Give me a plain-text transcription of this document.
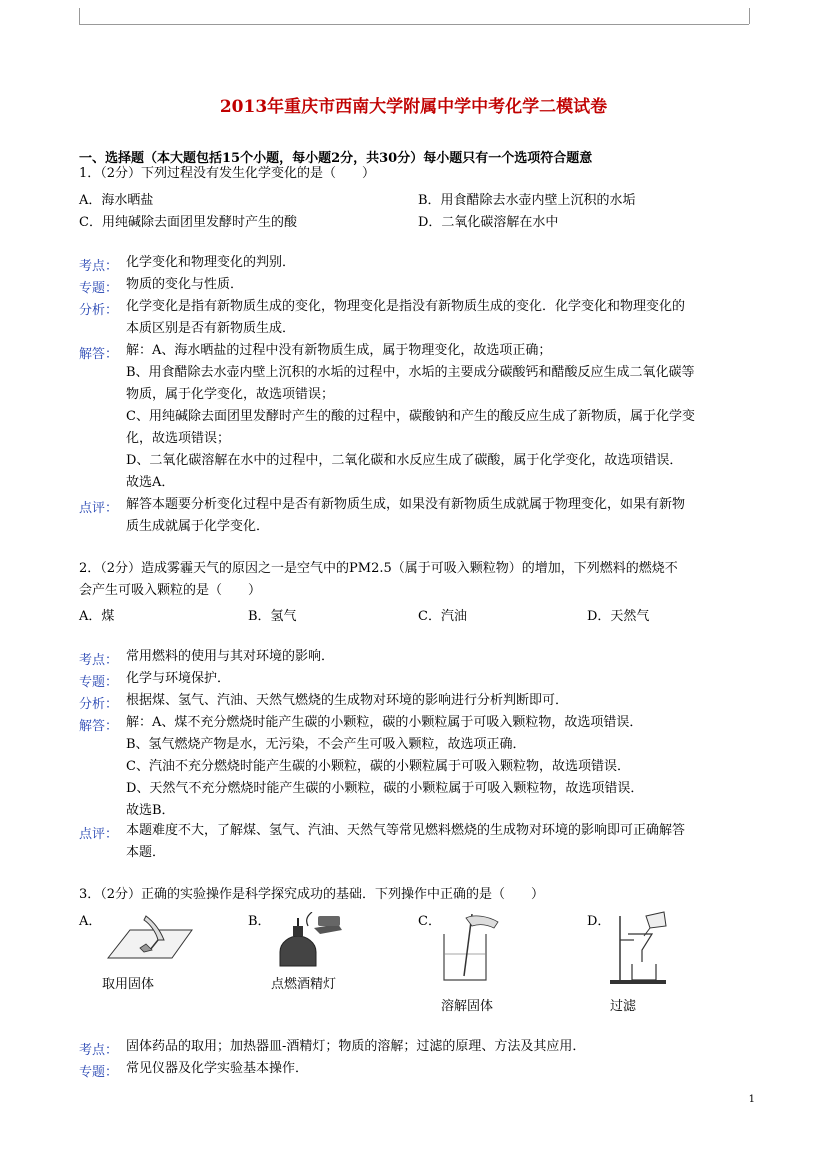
2013年重庆市西南大学附属中学中考化学二模试卷
一、选择题（本大题包括15个小题，每小题2分，共30分）每小题只有一个选项符合题意
1．（2分）下列过程没有发生化学变化的是（　　）
A．海水晒盐	B．用食醋除去水壶内壁上沉积的水垢
C．用纯碱除去面团里发酵时产生的酸	D．二氧化碳溶解在水中
考点： 化学变化和物理变化的判别．
专题： 物质的变化与性质．
分析： 化学变化是指有新物质生成的变化，物理变化是指没有新物质生成的变化．化学变化和物理变化的
本质区别是否有新物质生成．
解答： 解：A、海水晒盐的过程中没有新物质生成，属于物理变化，故选项正确；
B、用食醋除去水壶内壁上沉积的水垢的过程中，水垢的主要成分碳酸钙和醋酸反应生成二氧化碳等
物质，属于化学变化，故选项错误；
C、用纯碱除去面团里发酵时产生的酸的过程中，碳酸钠和产生的酸反应生成了新物质，属于化学变
化，故选项错误；
D、二氧化碳溶解在水中的过程中，二氧化碳和水反应生成了碳酸，属于化学变化，故选项错误．
故选A．
点评： 解答本题要分析变化过程中是否有新物质生成，如果没有新物质生成就属于物理变化，如果有新物
质生成就属于化学变化．
2．（2分）造成雾霾天气的原因之一是空气中的PM2.5（属于可吸入颗粒物）的增加，下列燃料的燃烧不
会产生可吸入颗粒的是（　　）
A．煤	B．氢气	C．汽油	D．天然气
考点： 常用燃料的使用与其对环境的影响．
专题： 化学与环境保护．
分析： 根据煤、氢气、汽油、天然气燃烧的生成物对环境的影响进行分析判断即可．
解答： 解：A、煤不充分燃烧时能产生碳的小颗粒，碳的小颗粒属于可吸入颗粒物，故选项错误．
B、氢气燃烧产物是水，无污染，不会产生可吸入颗粒，故选项正确．
C、汽油不充分燃烧时能产生碳的小颗粒，碳的小颗粒属于可吸入颗粒物，故选项错误．
D、天然气不充分燃烧时能产生碳的小颗粒，碳的小颗粒属于可吸入颗粒物，故选项错误．
故选B．
点评： 本题难度不大，了解煤、氢气、汽油、天然气等常见燃料燃烧的生成物对环境的影响即可正确解答
本题．
3．（2分）正确的实验操作是科学探究成功的基础．下列操作中正确的是（　　）
A．	B．	C．	D．
取用固体	点燃酒精灯
溶解固体	过滤
考点： 固体药品的取用；加热器皿-酒精灯；物质的溶解；过滤的原理、方法及其应用．
专题： 常见仪器及化学实验基本操作．
1
